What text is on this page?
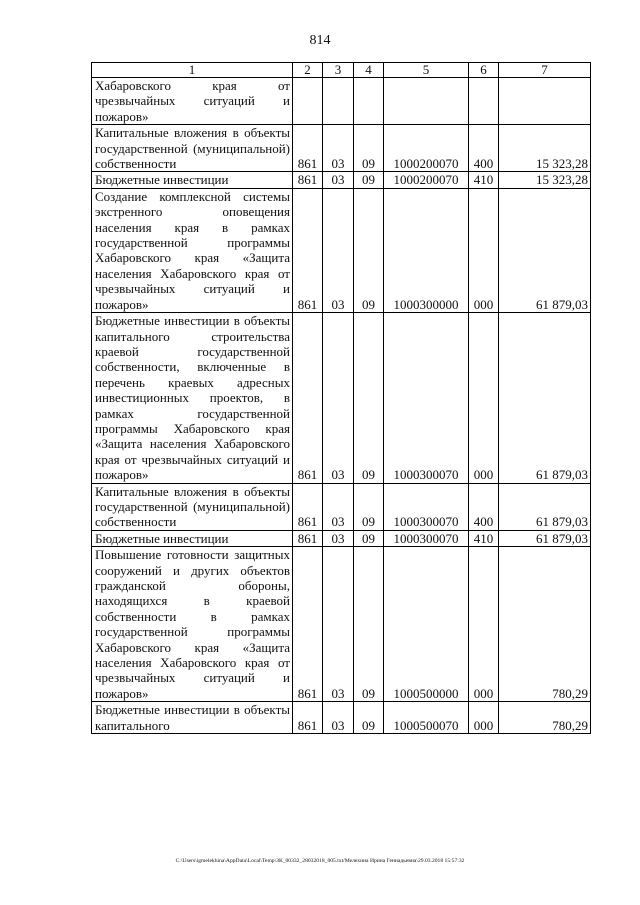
814
1	2	3	4	5	6	7
Хабаровского края от чрезвычайных ситуаций и пожаров»						
Капитальные вложения в объекты государственной (муниципальной) собственности	861	03	09	1000200070	400	15 323,28
Бюджетные инвестиции	861	03	09	1000200070	410	15 323,28
Создание комплексной системы экстренного оповещения населения края в рамках государственной программы Хабаровского края «Защита населения Хабаровского края от чрезвычайных ситуаций и пожаров»	861	03	09	1000300000	000	61 879,03
Бюджетные инвестиции в объекты капитального строительства краевой государственной собственности, включенные в перечень краевых адресных инвестиционных проектов, в рамках государственной программы Хабаровского края «Защита населения Хабаровского края от чрезвычайных ситуаций и пожаров»	861	03	09	1000300070	000	61 879,03
Капитальные вложения в объекты государственной (муниципальной) собственности	861	03	09	1000300070	400	61 879,03
Бюджетные инвестиции	861	03	09	1000300070	410	61 879,03
Повышение готовности защитных сооружений и других объектов гражданской обороны, находящихся в краевой собственности в рамках государственной программы Хабаровского края «Защита населения Хабаровского края от чрезвычайных ситуаций и пожаров»	861	03	09	1000500000	000	780,29
Бюджетные инвестиции в объекты капитального	861	03	09	1000500070	000	780,29
C:\Users\igmelekhina\AppData\Local\Temp\ЗК_00332_28032018_005.txt/Мелехина Ирина Геннадьевна\29.03.2018 15:57:32
